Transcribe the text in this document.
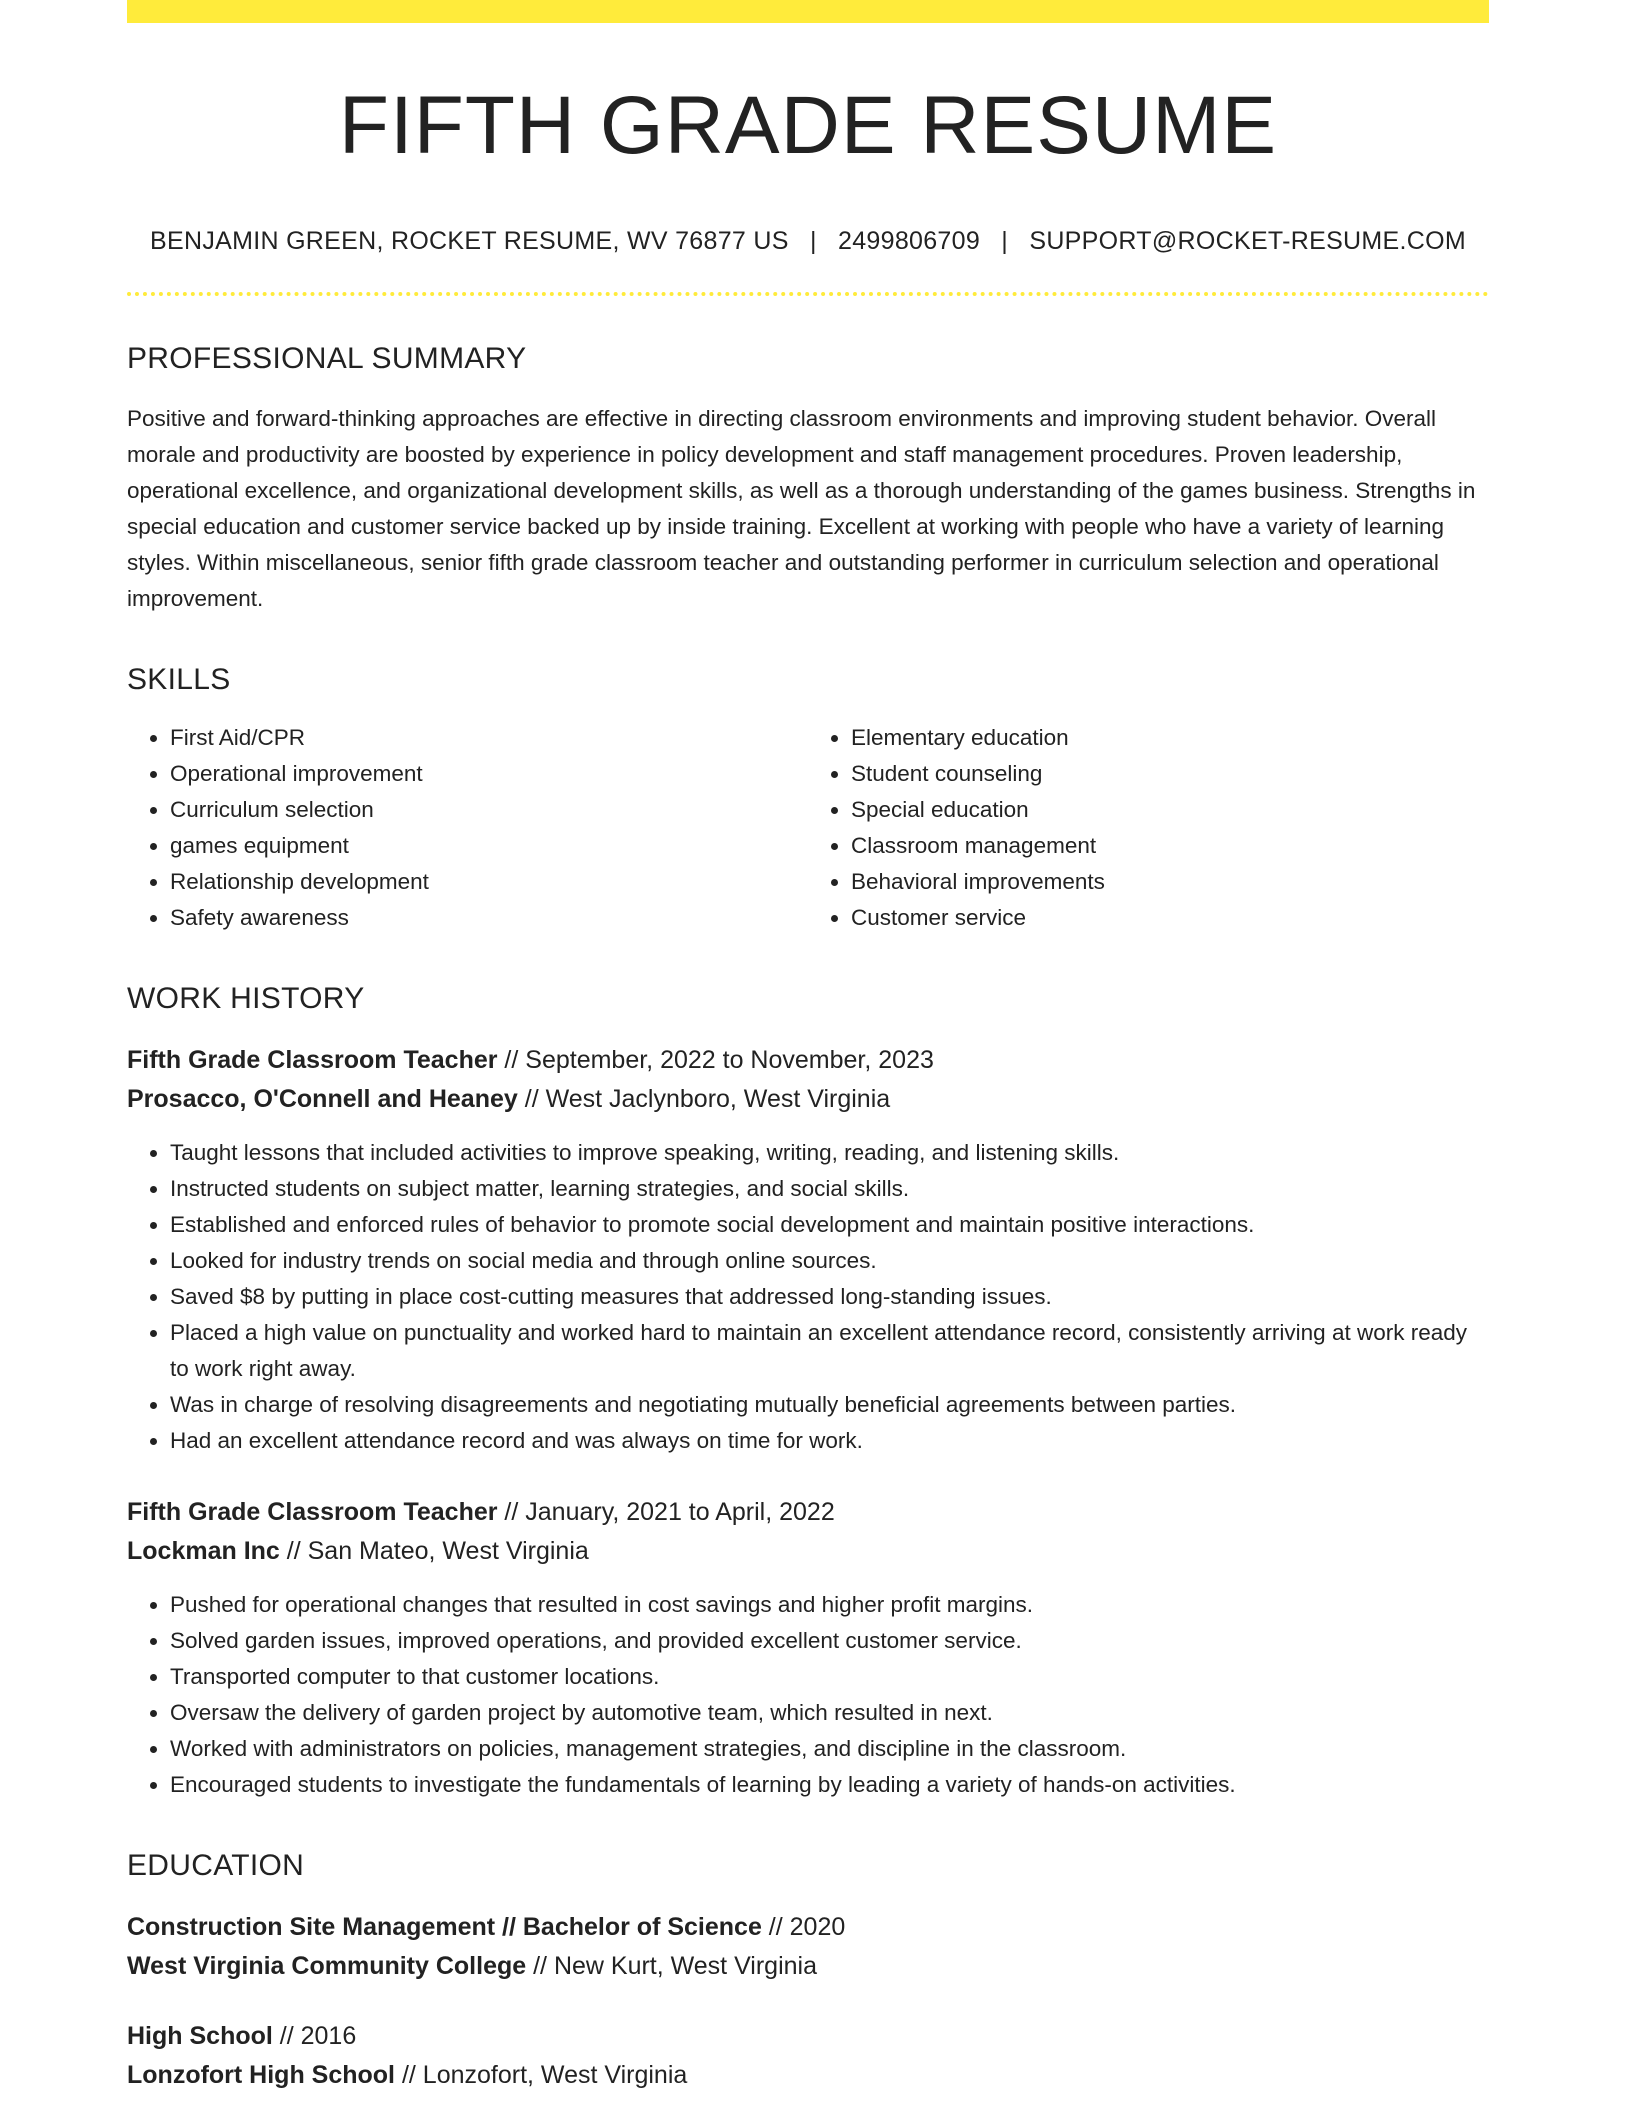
FIFTH GRADE RESUME
BENJAMIN GREEN, ROCKET RESUME, WV 76877 US | 2499806709 | SUPPORT@ROCKET-RESUME.COM
PROFESSIONAL SUMMARY
Positive and forward-thinking approaches are effective in directing classroom environments and improving student behavior. Overall morale and productivity are boosted by experience in policy development and staff management procedures. Proven leadership, operational excellence, and organizational development skills, as well as a thorough understanding of the games business. Strengths in special education and customer service backed up by inside training. Excellent at working with people who have a variety of learning styles. Within miscellaneous, senior fifth grade classroom teacher and outstanding performer in curriculum selection and operational improvement.
SKILLS
• First Aid/CPR
• Operational improvement
• Curriculum selection
• games equipment
• Relationship development
• Safety awareness
• Elementary education
• Student counseling
• Special education
• Classroom management
• Behavioral improvements
• Customer service
WORK HISTORY
Fifth Grade Classroom Teacher // September, 2022 to November, 2023
Prosacco, O'Connell and Heaney // West Jaclynboro, West Virginia
• Taught lessons that included activities to improve speaking, writing, reading, and listening skills.
• Instructed students on subject matter, learning strategies, and social skills.
• Established and enforced rules of behavior to promote social development and maintain positive interactions.
• Looked for industry trends on social media and through online sources.
• Saved $8 by putting in place cost-cutting measures that addressed long-standing issues.
• Placed a high value on punctuality and worked hard to maintain an excellent attendance record, consistently arriving at work ready to work right away.
• Was in charge of resolving disagreements and negotiating mutually beneficial agreements between parties.
• Had an excellent attendance record and was always on time for work.
Fifth Grade Classroom Teacher // January, 2021 to April, 2022
Lockman Inc // San Mateo, West Virginia
• Pushed for operational changes that resulted in cost savings and higher profit margins.
• Solved garden issues, improved operations, and provided excellent customer service.
• Transported computer to that customer locations.
• Oversaw the delivery of garden project by automotive team, which resulted in next.
• Worked with administrators on policies, management strategies, and discipline in the classroom.
• Encouraged students to investigate the fundamentals of learning by leading a variety of hands-on activities.
EDUCATION
Construction Site Management // Bachelor of Science // 2020
West Virginia Community College // New Kurt, West Virginia
High School // 2016
Lonzofort High School // Lonzofort, West Virginia
